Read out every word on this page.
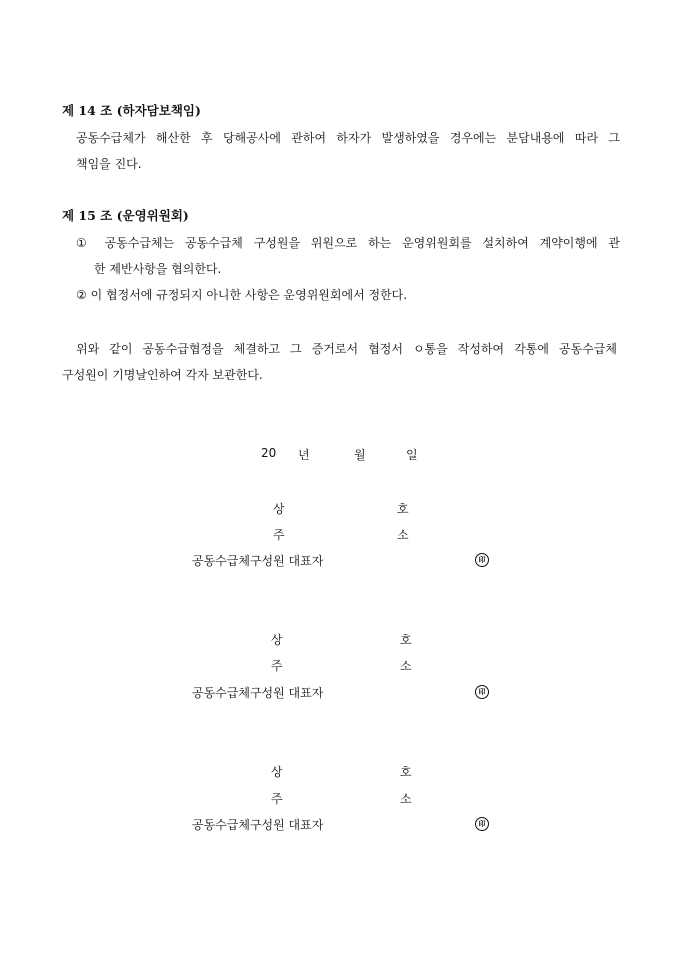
제 14 조 (하자담보책임)
공동수급체가 해산한 후 당해공사에 관하여 하자가 발생하였을 경우에는 분담내용에 따라 그
책임을 진다.
제 15 조 (운영위원회)
① 공동수급체는 공동수급체 구성원을 위원으로 하는 운영위원회를 설치하여 계약이행에 관
한 제반사항을 협의한다.
② 이 협정서에 규정되지 아니한 사항은 운영위원회에서 정한다.
위와 같이 공동수급협정을 체결하고 그 증거로서 협정서 ㅇ통을 작성하여 각통에 공동수급체
구성원이 기명날인하여 각자 보관한다.
20 년	월	일
상	호
주	소
공동수급체구성원 대표자	印
상	호
주	소
공동수급체구성원 대표자	印
상	호
주	소
공동수급체구성원 대표자	印
